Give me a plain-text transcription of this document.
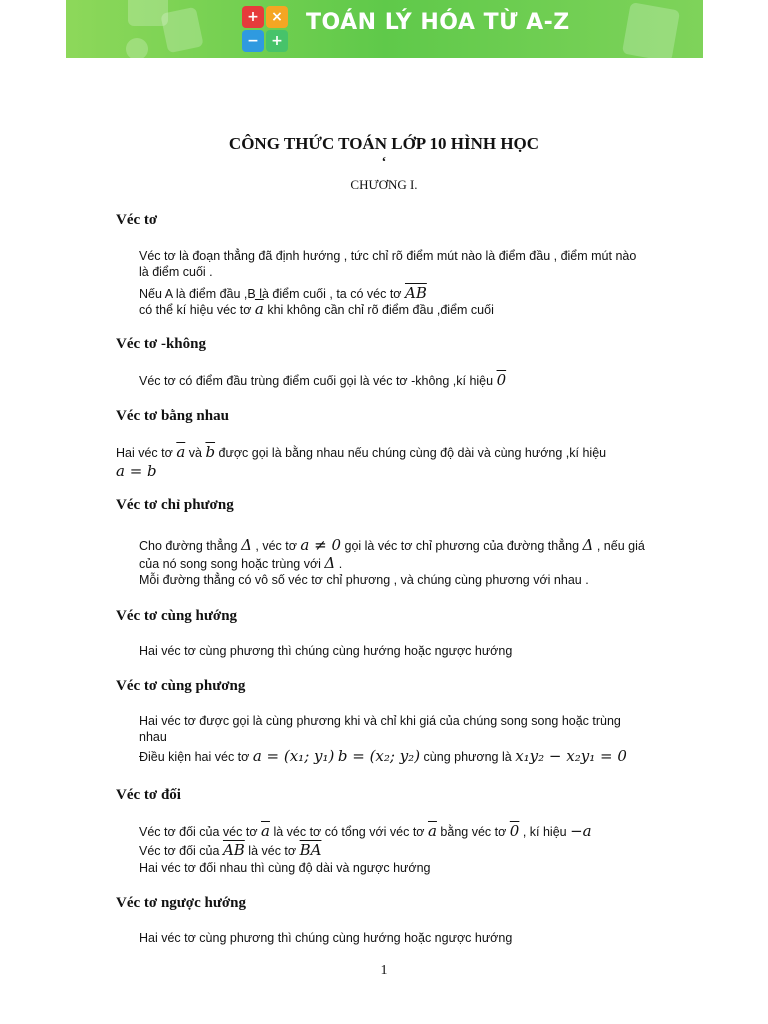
+ ×
− +
TOÁN LÝ HÓA TỪ A-Z
CÔNG THỨC TOÁN LỚP 10 HÌNH HỌC
‘
CHƯƠNG I.
Véc tơ
Véc tơ là đoạn thẳng đã định hướng , tức chỉ rõ điểm mút nào là điểm đầu , điểm mút nào
là điểm cuối .
Nếu A là điểm đầu ,B là điểm cuối , ta có véc tơ $\overline{AB}$
có thể kí hiệu véc tơ $\overline{a}$ khi không cần chỉ rõ điểm đầu ,điểm cuối
Véc tơ -không
Véc tơ có điểm đầu trùng điểm cuối gọi là véc tơ -không ,kí hiệu 0
Véc tơ bằng nhau
Hai véc tơ $\overline{a}$ và $\overline{b}$ được gọi là bằng nhau nếu chúng cùng độ dài và cùng hướng ,kí hiệu
a = b
Véc tơ chỉ phương
Cho đường thẳng Δ , véc tơ a ≠ 0 gọi là véc tơ chỉ phương của đường thẳng Δ , nếu giá
của nó song song hoặc trùng với Δ .
Mỗi đường thẳng có vô số véc tơ chỉ phương , và chúng cùng phương với nhau .
Véc tơ cùng hướng
Hai véc tơ cùng phương thì chúng cùng hướng hoặc ngược hướng
Véc tơ cùng phương
Hai véc tơ được gọi là cùng phương khi và chỉ khi giá của chúng song song hoặc trùng
nhau
Điều kiện hai véc tơ a = (x₁; y₁) b = (x₂; y₂) cùng phương là x₁y₂ − x₂y₁ = 0
Véc tơ đối
Véc tơ đối của véc tơ $\overline{a}$ là véc tơ có tổng với véc tơ $\overline{a}$ bằng véc tơ 0 , kí hiệu −a
Véc tơ đối của $\overline{AB}$ là véc tơ $\overline{BA}$
Hai véc tơ đối nhau thì cùng độ dài và ngược hướng
Véc tơ ngược hướng
Hai véc tơ cùng phương thì chúng cùng hướng hoặc ngược hướng
1
